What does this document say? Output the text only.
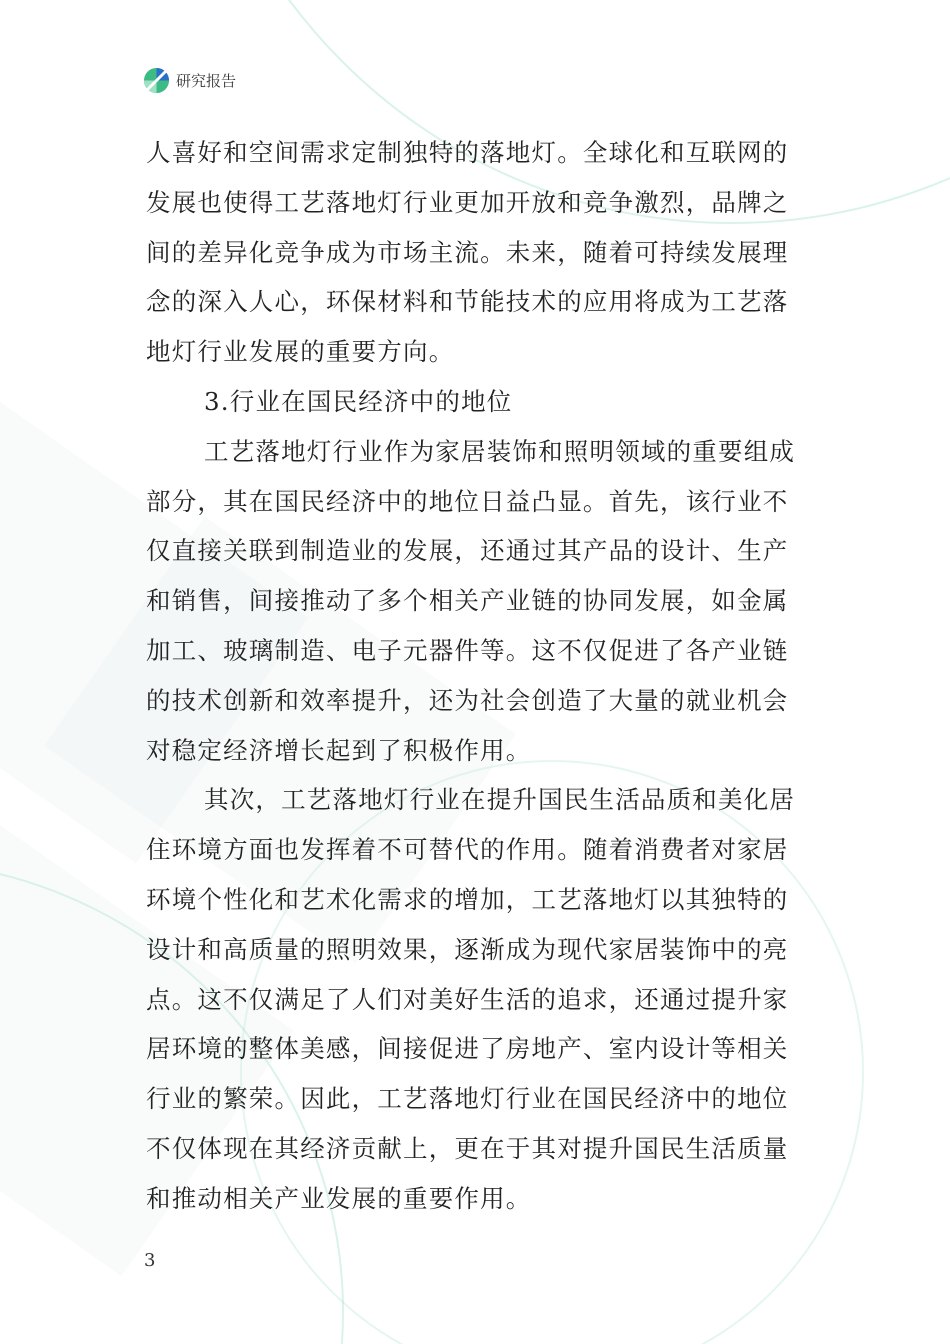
研究报告

人喜好和空间需求定制独特的落地灯。全球化和互联网的发展也使得工艺落地灯行业更加开放和竞争激烈，品牌之间的差异化竞争成为市场主流。未来，随着可持续发展理念的深入人心，环保材料和节能技术的应用将成为工艺落地灯行业发展的重要方向。

3.行业在国民经济中的地位

工艺落地灯行业作为家居装饰和照明领域的重要组成部分，其在国民经济中的地位日益凸显。首先，该行业不仅直接关联到制造业的发展，还通过其产品的设计、生产和销售，间接推动了多个相关产业链的协同发展，如金属加工、玻璃制造、电子元器件等。这不仅促进了各产业链的技术创新和效率提升，还为社会创造了大量的就业机会对稳定经济增长起到了积极作用。

其次，工艺落地灯行业在提升国民生活品质和美化居住环境方面也发挥着不可替代的作用。随着消费者对家居环境个性化和艺术化需求的增加，工艺落地灯以其独特的设计和高质量的照明效果，逐渐成为现代家居装饰中的亮点。这不仅满足了人们对美好生活的追求，还通过提升家居环境的整体美感，间接促进了房地产、室内设计等相关行业的繁荣。因此，工艺落地灯行业在国民经济中的地位不仅体现在其经济贡献上，更在于其对提升国民生活质量和推动相关产业发展的重要作用。

3
